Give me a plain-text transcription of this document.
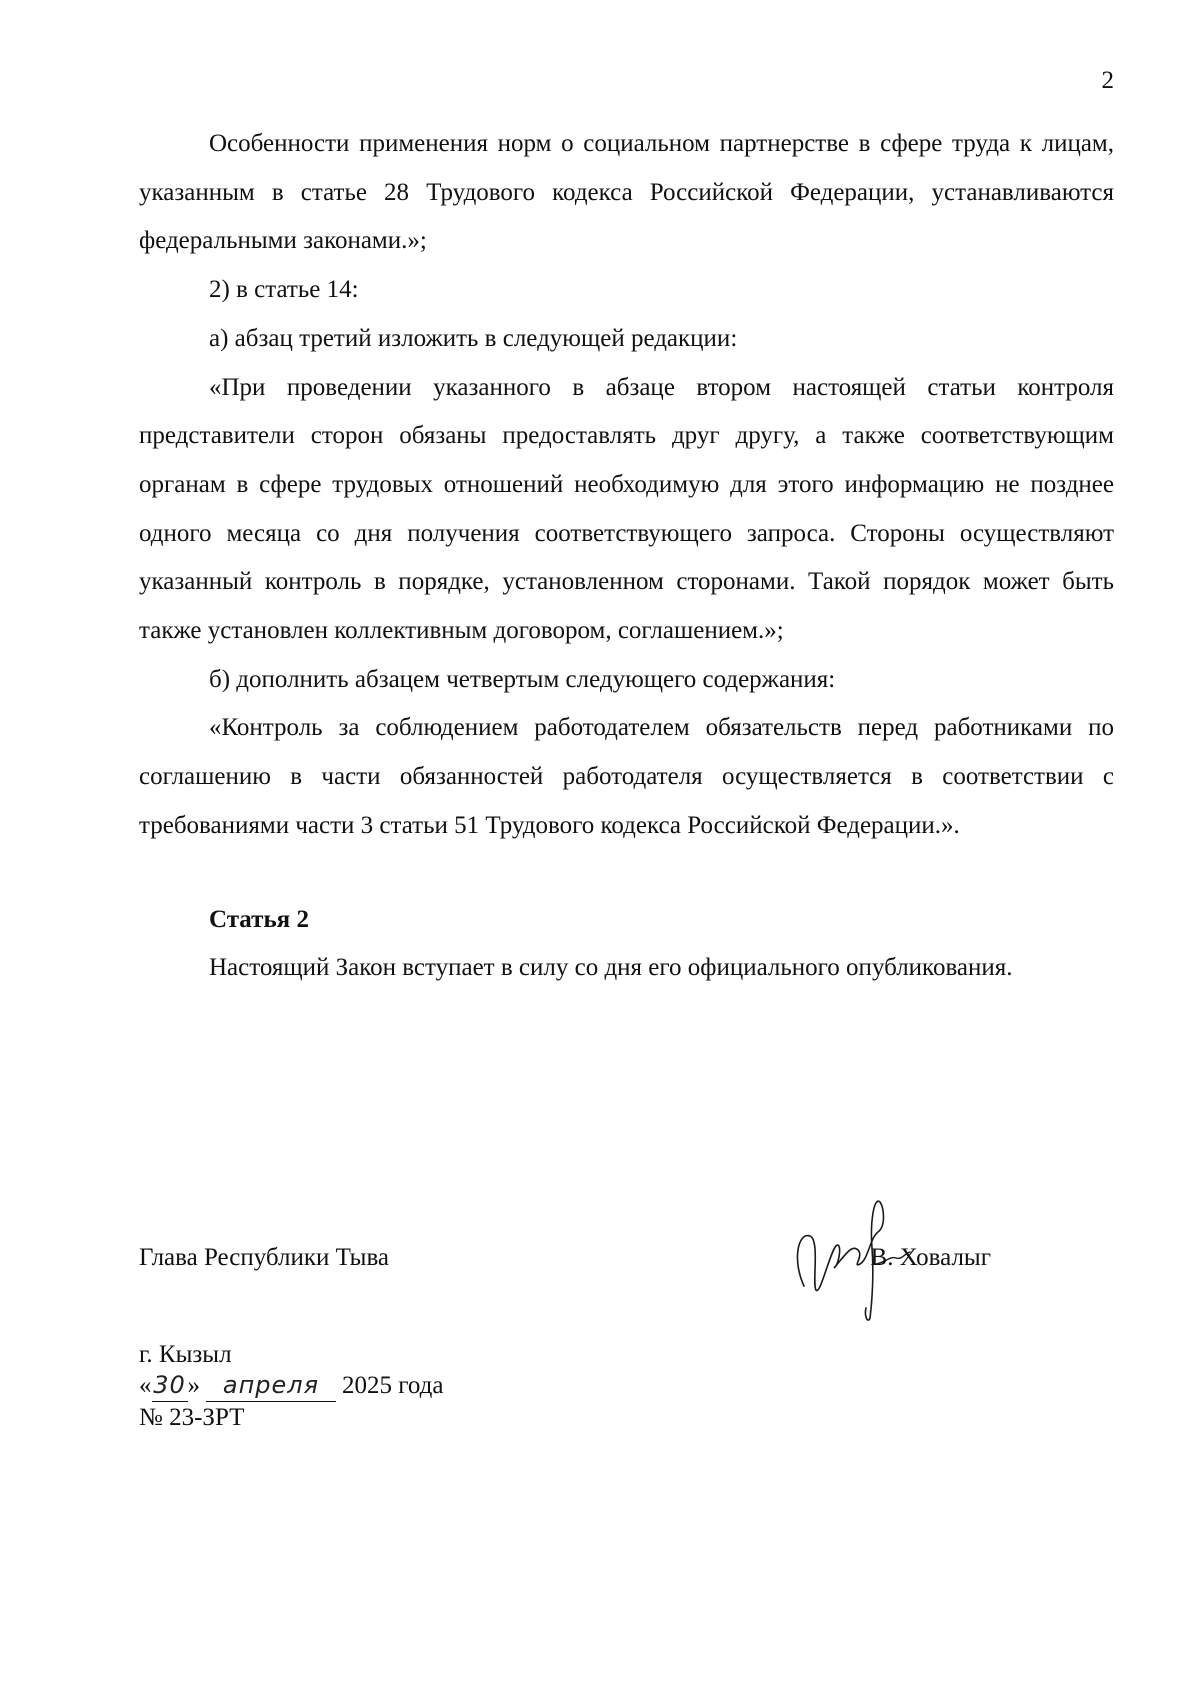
2

Особенности применения норм о социальном партнерстве в сфере труда к лицам, указанным в статье 28 Трудового кодекса Российской Федерации, устанавливаются федеральными законами.»;

2) в статье 14:

а) абзац третий изложить в следующей редакции:

«При проведении указанного в абзаце втором настоящей статьи контроля представители сторон обязаны предоставлять друг другу, а также соответствующим органам в сфере трудовых отношений необходимую для этого информацию не позднее одного месяца со дня получения соответствующего запроса. Стороны осуществляют указанный контроль в порядке, установленном сторонами. Такой порядок может быть также установлен коллективным договором, соглашением.»;

б) дополнить абзацем четвертым следующего содержания:

«Контроль за соблюдением работодателем обязательств перед работниками по соглашению в части обязанностей работодателя осуществляется в соответствии с требованиями части 3 статьи 51 Трудового кодекса Российской Федерации.».

Статья 2

Настоящий Закон вступает в силу со дня его официального опубликования.

Глава Республики Тыва	В. Ховалыг
г. Кызыл
«30» апреля 2025 года
№ 23-ЗРТ
